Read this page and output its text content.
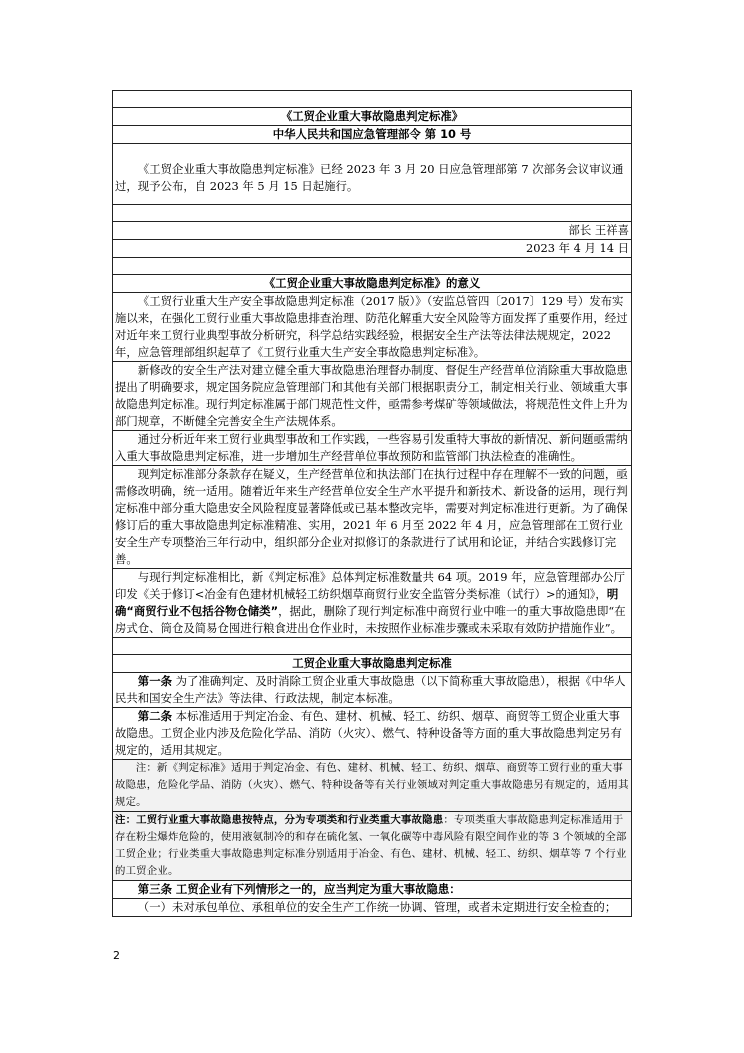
《工贸企业重大事故隐患判定标准》
中华人民共和国应急管理部令 第 10 号
《工贸企业重大事故隐患判定标准》已经 2023 年 3 月 20 日应急管理部第 7 次部务会议审议通过，现予公布，自 2023 年 5 月 15 日起施行。
部长 王祥喜
2023 年 4 月 14 日
《工贸企业重大事故隐患判定标准》的意义
《工贸行业重大生产安全事故隐患判定标准（2017 版）》（安监总管四〔2017〕129 号）发布实施以来，在强化工贸行业重大事故隐患排查治理、防范化解重大安全风险等方面发挥了重要作用，经过对近年来工贸行业典型事故分析研究，科学总结实践经验，根据安全生产法等法律法规规定，2022 年，应急管理部组织起草了《工贸行业重大生产安全事故隐患判定标准》。
新修改的安全生产法对建立健全重大事故隐患治理督办制度、督促生产经营单位消除重大事故隐患提出了明确要求，规定国务院应急管理部门和其他有关部门根据职责分工，制定相关行业、领域重大事故隐患判定标准。现行判定标准属于部门规范性文件，亟需参考煤矿等领域做法，将规范性文件上升为部门规章，不断健全完善安全生产法规体系。
通过分析近年来工贸行业典型事故和工作实践，一些容易引发重特大事故的新情况、新问题亟需纳入重大事故隐患判定标准，进一步增加生产经营单位事故预防和监管部门执法检查的准确性。
现判定标准部分条款存在疑义，生产经营单位和执法部门在执行过程中存在理解不一致的问题，亟需修改明确，统一适用。随着近年来生产经营单位安全生产水平提升和新技术、新设备的运用，现行判定标准中部分重大隐患安全风险程度显著降低或已基本整改完毕，需要对判定标准进行更新。为了确保修订后的重大事故隐患判定标准精准、实用，2021 年 6 月至 2022 年 4 月，应急管理部在工贸行业安全生产专项整治三年行动中，组织部分企业对拟修订的条款进行了试用和论证，并结合实践修订完善。
与现行判定标准相比，新《判定标准》总体判定标准数量共 64 项。2019 年，应急管理部办公厅印发《关于修订<冶金有色建材机械轻工纺织烟草商贸行业安全监管分类标准（试行）>的通知》，明确“商贸行业不包括谷物仓储类”，据此，删除了现行判定标准中商贸行业中唯一的重大事故隐患即“在房式仓、筒仓及简易仓囤进行粮食进出仓作业时，未按照作业标准步骤或未采取有效防护措施作业”。
工贸企业重大事故隐患判定标准
第一条 为了准确判定、及时消除工贸企业重大事故隐患（以下简称重大事故隐患），根据《中华人民共和国安全生产法》等法律、行政法规，制定本标准。
第二条 本标准适用于判定冶金、有色、建材、机械、轻工、纺织、烟草、商贸等工贸企业重大事故隐患。工贸企业内涉及危险化学品、消防（火灾）、燃气、特种设备等方面的重大事故隐患判定另有规定的，适用其规定。
注：新《判定标准》适用于判定冶金、有色、建材、机械、轻工、纺织、烟草、商贸等工贸行业的重大事故隐患，危险化学品、消防（火灾）、燃气、特种设备等有关行业领域对判定重大事故隐患另有规定的，适用其规定。
注：工贸行业重大事故隐患按特点，分为专项类和行业类重大事故隐患：专项类重大事故隐患判定标准适用于存在粉尘爆炸危险的，使用液氨制冷的和存在硫化氢、一氧化碳等中毒风险有限空间作业的等 3 个领域的全部工贸企业；行业类重大事故隐患判定标准分别适用于冶金、有色、建材、机械、轻工、纺织、烟草等 7 个行业的工贸企业。
第三条 工贸企业有下列情形之一的，应当判定为重大事故隐患：
（一）未对承包单位、承租单位的安全生产工作统一协调、管理，或者未定期进行安全检查的；
2
